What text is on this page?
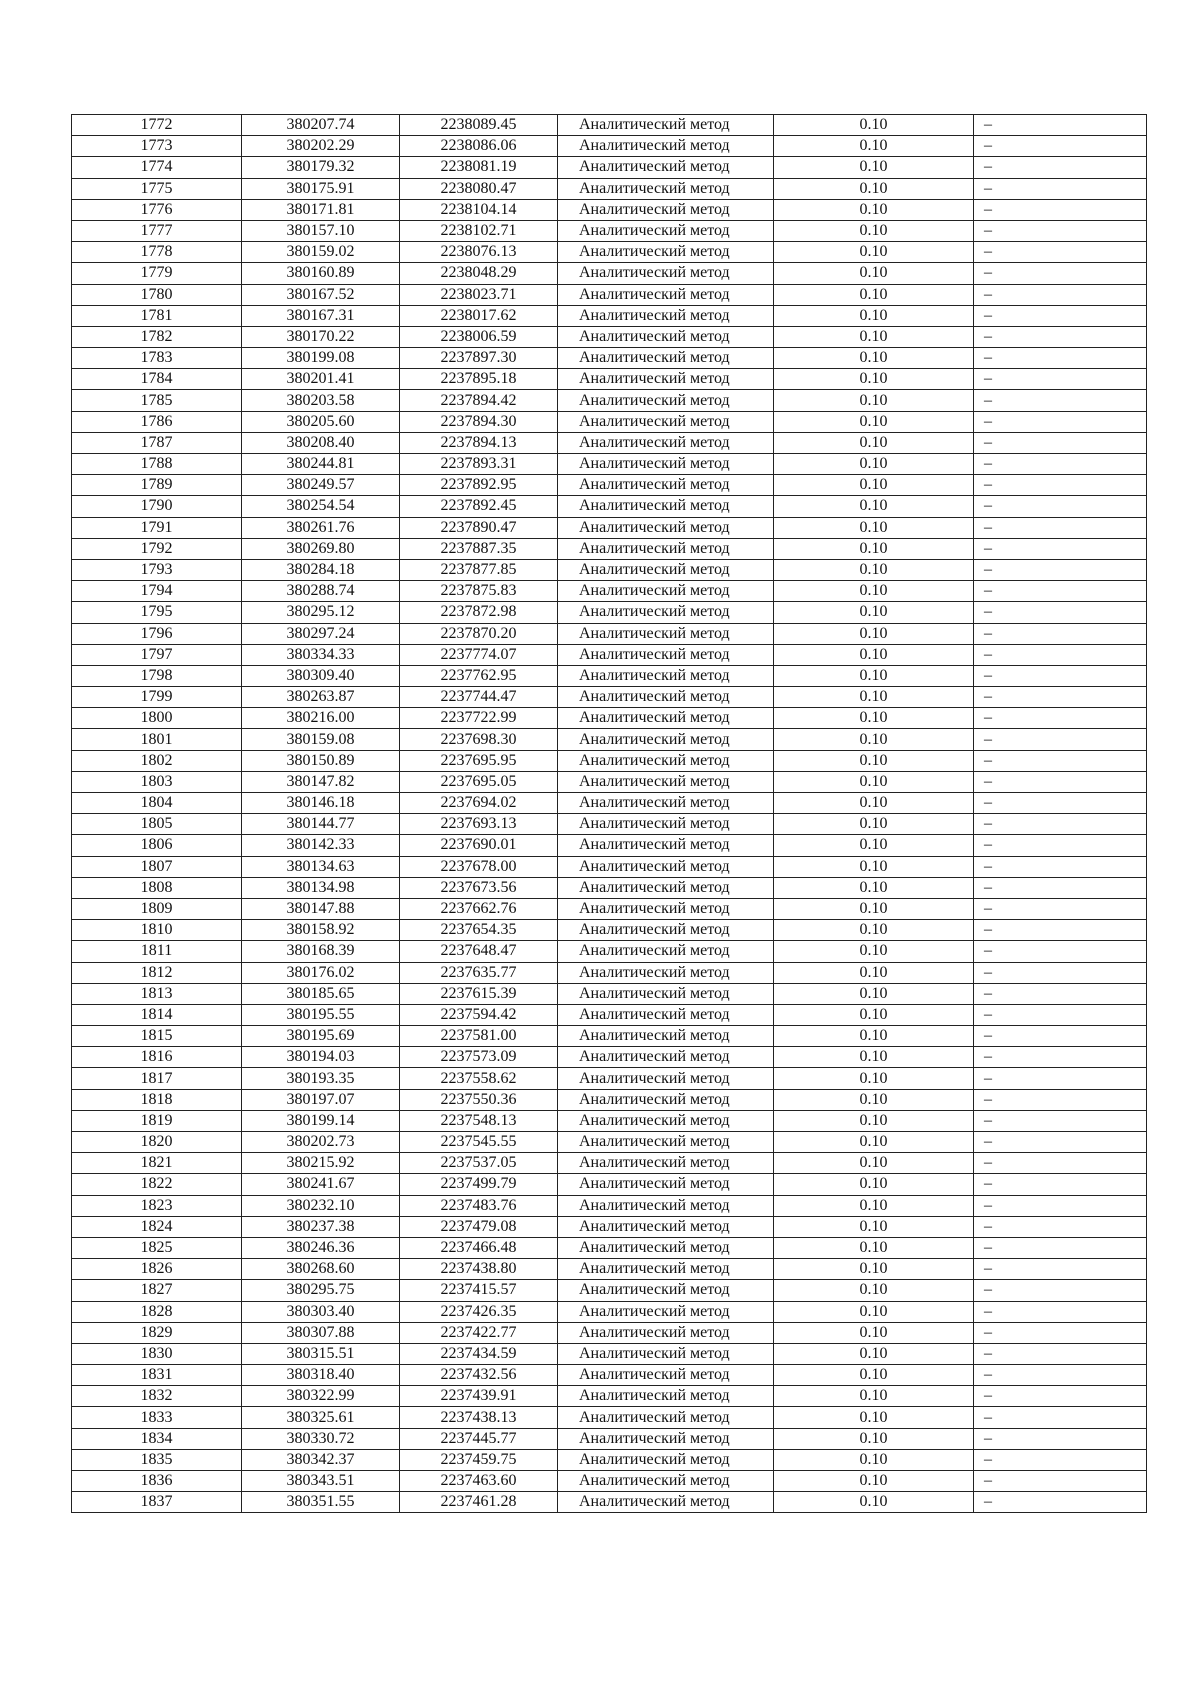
1772	380207.74	2238089.45	Аналитический метод	0.10	–
1773	380202.29	2238086.06	Аналитический метод	0.10	–
1774	380179.32	2238081.19	Аналитический метод	0.10	–
1775	380175.91	2238080.47	Аналитический метод	0.10	–
1776	380171.81	2238104.14	Аналитический метод	0.10	–
1777	380157.10	2238102.71	Аналитический метод	0.10	–
1778	380159.02	2238076.13	Аналитический метод	0.10	–
1779	380160.89	2238048.29	Аналитический метод	0.10	–
1780	380167.52	2238023.71	Аналитический метод	0.10	–
1781	380167.31	2238017.62	Аналитический метод	0.10	–
1782	380170.22	2238006.59	Аналитический метод	0.10	–
1783	380199.08	2237897.30	Аналитический метод	0.10	–
1784	380201.41	2237895.18	Аналитический метод	0.10	–
1785	380203.58	2237894.42	Аналитический метод	0.10	–
1786	380205.60	2237894.30	Аналитический метод	0.10	–
1787	380208.40	2237894.13	Аналитический метод	0.10	–
1788	380244.81	2237893.31	Аналитический метод	0.10	–
1789	380249.57	2237892.95	Аналитический метод	0.10	–
1790	380254.54	2237892.45	Аналитический метод	0.10	–
1791	380261.76	2237890.47	Аналитический метод	0.10	–
1792	380269.80	2237887.35	Аналитический метод	0.10	–
1793	380284.18	2237877.85	Аналитический метод	0.10	–
1794	380288.74	2237875.83	Аналитический метод	0.10	–
1795	380295.12	2237872.98	Аналитический метод	0.10	–
1796	380297.24	2237870.20	Аналитический метод	0.10	–
1797	380334.33	2237774.07	Аналитический метод	0.10	–
1798	380309.40	2237762.95	Аналитический метод	0.10	–
1799	380263.87	2237744.47	Аналитический метод	0.10	–
1800	380216.00	2237722.99	Аналитический метод	0.10	–
1801	380159.08	2237698.30	Аналитический метод	0.10	–
1802	380150.89	2237695.95	Аналитический метод	0.10	–
1803	380147.82	2237695.05	Аналитический метод	0.10	–
1804	380146.18	2237694.02	Аналитический метод	0.10	–
1805	380144.77	2237693.13	Аналитический метод	0.10	–
1806	380142.33	2237690.01	Аналитический метод	0.10	–
1807	380134.63	2237678.00	Аналитический метод	0.10	–
1808	380134.98	2237673.56	Аналитический метод	0.10	–
1809	380147.88	2237662.76	Аналитический метод	0.10	–
1810	380158.92	2237654.35	Аналитический метод	0.10	–
1811	380168.39	2237648.47	Аналитический метод	0.10	–
1812	380176.02	2237635.77	Аналитический метод	0.10	–
1813	380185.65	2237615.39	Аналитический метод	0.10	–
1814	380195.55	2237594.42	Аналитический метод	0.10	–
1815	380195.69	2237581.00	Аналитический метод	0.10	–
1816	380194.03	2237573.09	Аналитический метод	0.10	–
1817	380193.35	2237558.62	Аналитический метод	0.10	–
1818	380197.07	2237550.36	Аналитический метод	0.10	–
1819	380199.14	2237548.13	Аналитический метод	0.10	–
1820	380202.73	2237545.55	Аналитический метод	0.10	–
1821	380215.92	2237537.05	Аналитический метод	0.10	–
1822	380241.67	2237499.79	Аналитический метод	0.10	–
1823	380232.10	2237483.76	Аналитический метод	0.10	–
1824	380237.38	2237479.08	Аналитический метод	0.10	–
1825	380246.36	2237466.48	Аналитический метод	0.10	–
1826	380268.60	2237438.80	Аналитический метод	0.10	–
1827	380295.75	2237415.57	Аналитический метод	0.10	–
1828	380303.40	2237426.35	Аналитический метод	0.10	–
1829	380307.88	2237422.77	Аналитический метод	0.10	–
1830	380315.51	2237434.59	Аналитический метод	0.10	–
1831	380318.40	2237432.56	Аналитический метод	0.10	–
1832	380322.99	2237439.91	Аналитический метод	0.10	–
1833	380325.61	2237438.13	Аналитический метод	0.10	–
1834	380330.72	2237445.77	Аналитический метод	0.10	–
1835	380342.37	2237459.75	Аналитический метод	0.10	–
1836	380343.51	2237463.60	Аналитический метод	0.10	–
1837	380351.55	2237461.28	Аналитический метод	0.10	–
